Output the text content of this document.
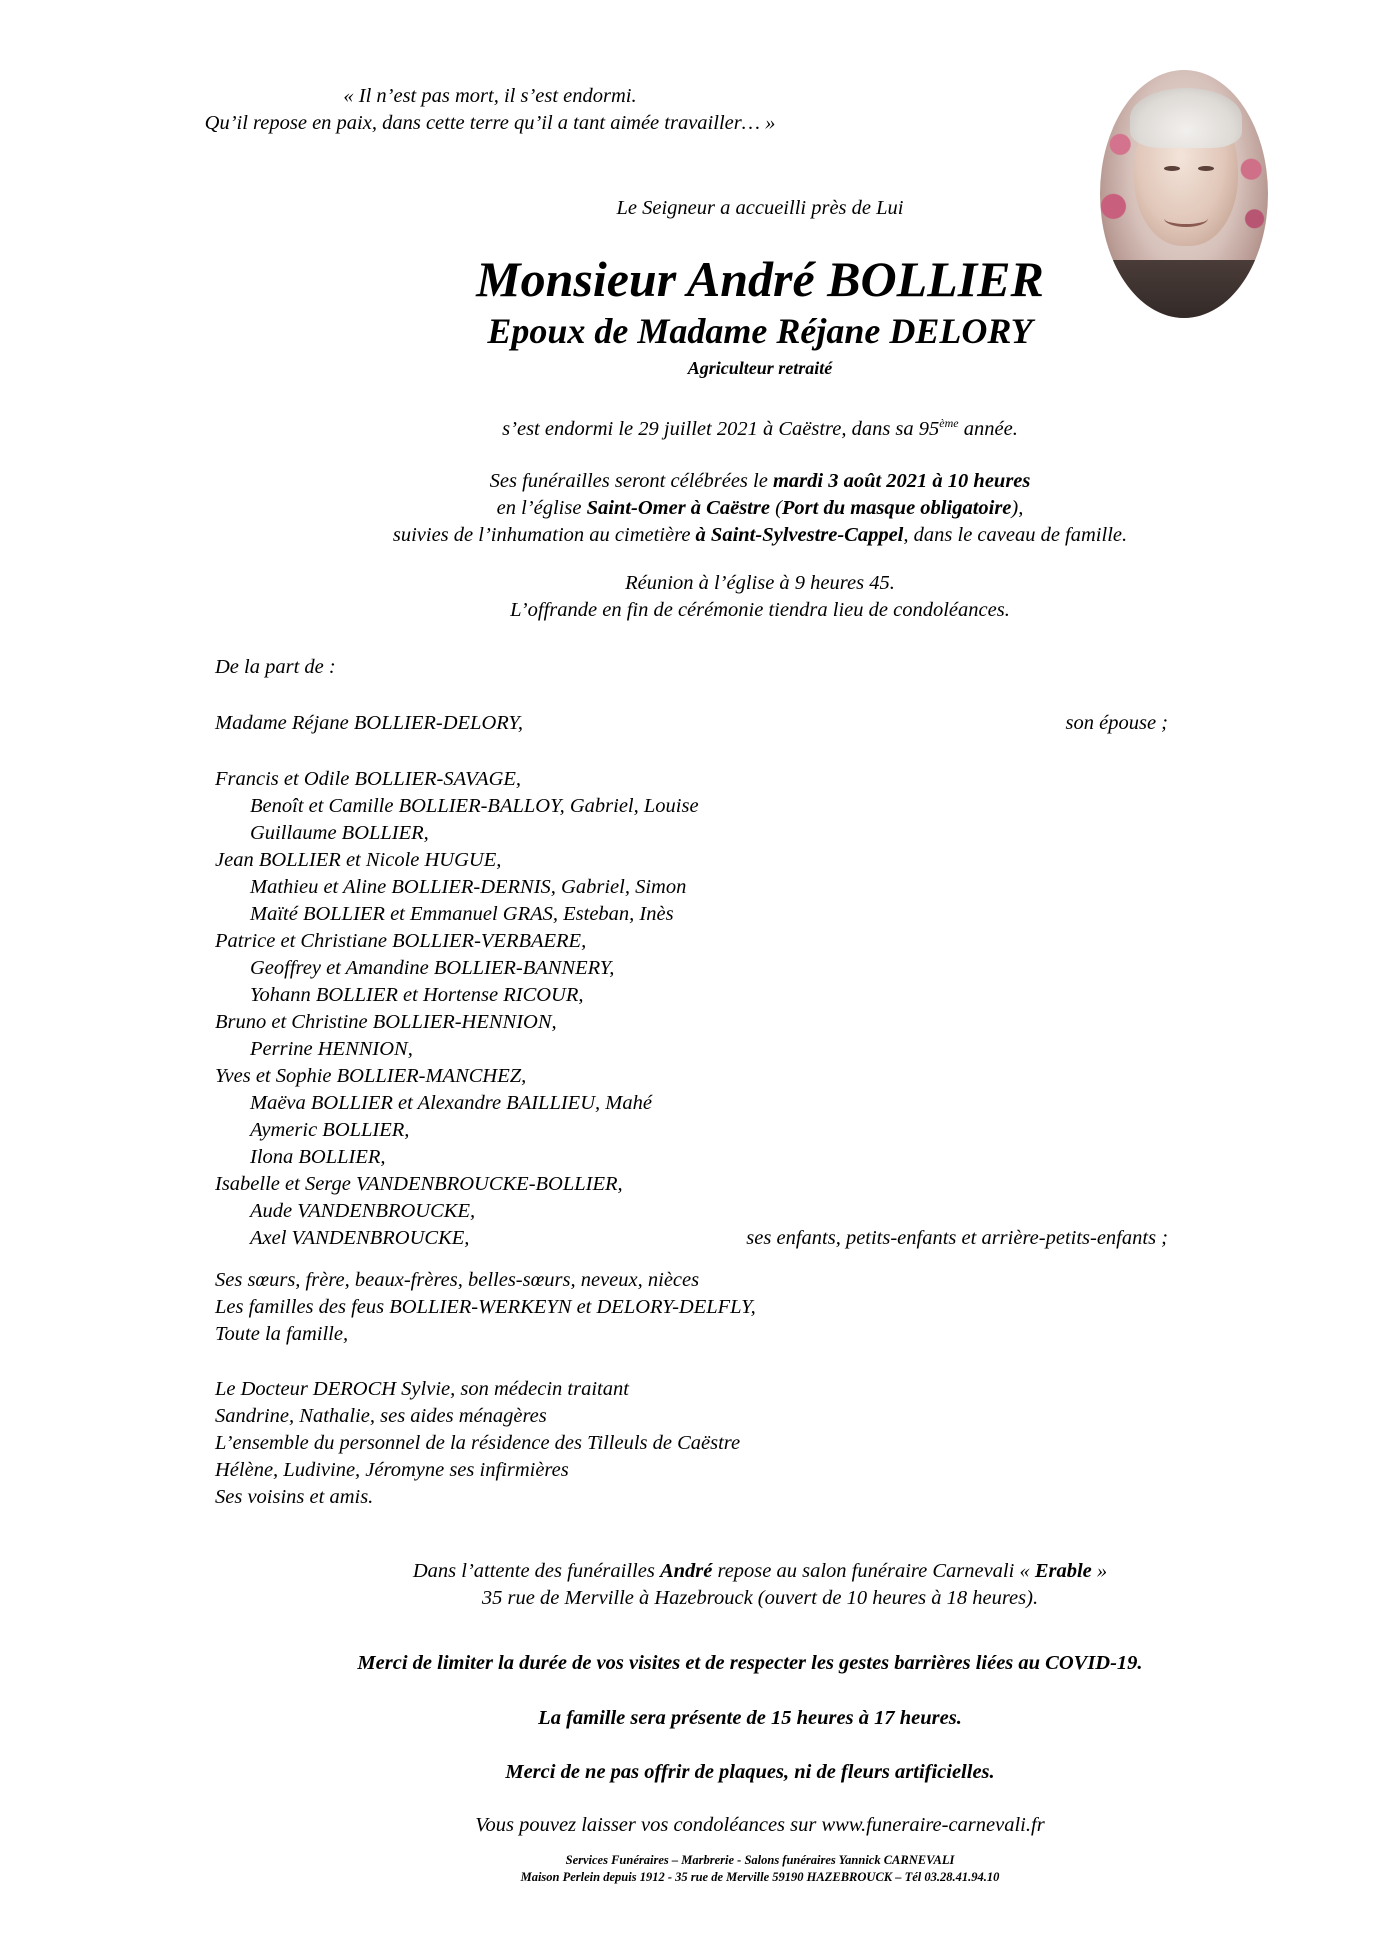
« Il n’est pas mort, il s’est endormi.
Qu’il repose en paix, dans cette terre qu’il a tant aimée travailler… »
Le Seigneur a accueilli près de Lui
Monsieur André BOLLIER
Epoux de Madame Réjane DELORY
Agriculteur retraité
s’est endormi le 29 juillet 2021 à Caëstre, dans sa 95ème année.
Ses funérailles seront célébrées le mardi 3 août 2021 à 10 heures
en l’église Saint-Omer à Caëstre (Port du masque obligatoire),
suivies de l’inhumation au cimetière à Saint-Sylvestre-Cappel, dans le caveau de famille.
Réunion à l’église à 9 heures 45.
L’offrande en fin de cérémonie tiendra lieu de condoléances.
De la part de :
Madame Réjane BOLLIER-DELORY,	son épouse ;
Francis et Odile BOLLIER-SAVAGE,
Benoît et Camille BOLLIER-BALLOY, Gabriel, Louise
Guillaume BOLLIER,
Jean BOLLIER et Nicole HUGUE,
Mathieu et Aline BOLLIER-DERNIS, Gabriel, Simon
Maïté BOLLIER et Emmanuel GRAS, Esteban, Inès
Patrice et Christiane BOLLIER-VERBAERE,
Geoffrey et Amandine BOLLIER-BANNERY,
Yohann BOLLIER et Hortense RICOUR,
Bruno et Christine BOLLIER-HENNION,
Perrine HENNION,
Yves et Sophie BOLLIER-MANCHEZ,
Maëva BOLLIER et Alexandre BAILLIEU, Mahé
Aymeric BOLLIER,
Ilona BOLLIER,
Isabelle et Serge VANDENBROUCKE-BOLLIER,
Aude VANDENBROUCKE,
Axel VANDENBROUCKE,	ses enfants, petits-enfants et arrière-petits-enfants ;
Ses sœurs, frère, beaux-frères, belles-sœurs, neveux, nièces
Les familles des feus BOLLIER-WERKEYN et DELORY-DELFLY,
Toute la famille,
Le Docteur DEROCH Sylvie, son médecin traitant
Sandrine, Nathalie, ses aides ménagères
L’ensemble du personnel de la résidence des Tilleuls de Caëstre
Hélène, Ludivine, Jéromyne ses infirmières
Ses voisins et amis.
Dans l’attente des funérailles André repose au salon funéraire Carnevali « Erable »
35 rue de Merville à Hazebrouck (ouvert de 10 heures à 18 heures).
Merci de limiter la durée de vos visites et de respecter les gestes barrières liées au COVID-19.
La famille sera présente de 15 heures à 17 heures.
Merci de ne pas offrir de plaques, ni de fleurs artificielles.
Vous pouvez laisser vos condoléances sur www.funeraire-carnevali.fr
Services Funéraires – Marbrerie - Salons funéraires Yannick CARNEVALI
Maison Perlein depuis 1912 - 35 rue de Merville 59190 HAZEBROUCK – Tél 03.28.41.94.10
